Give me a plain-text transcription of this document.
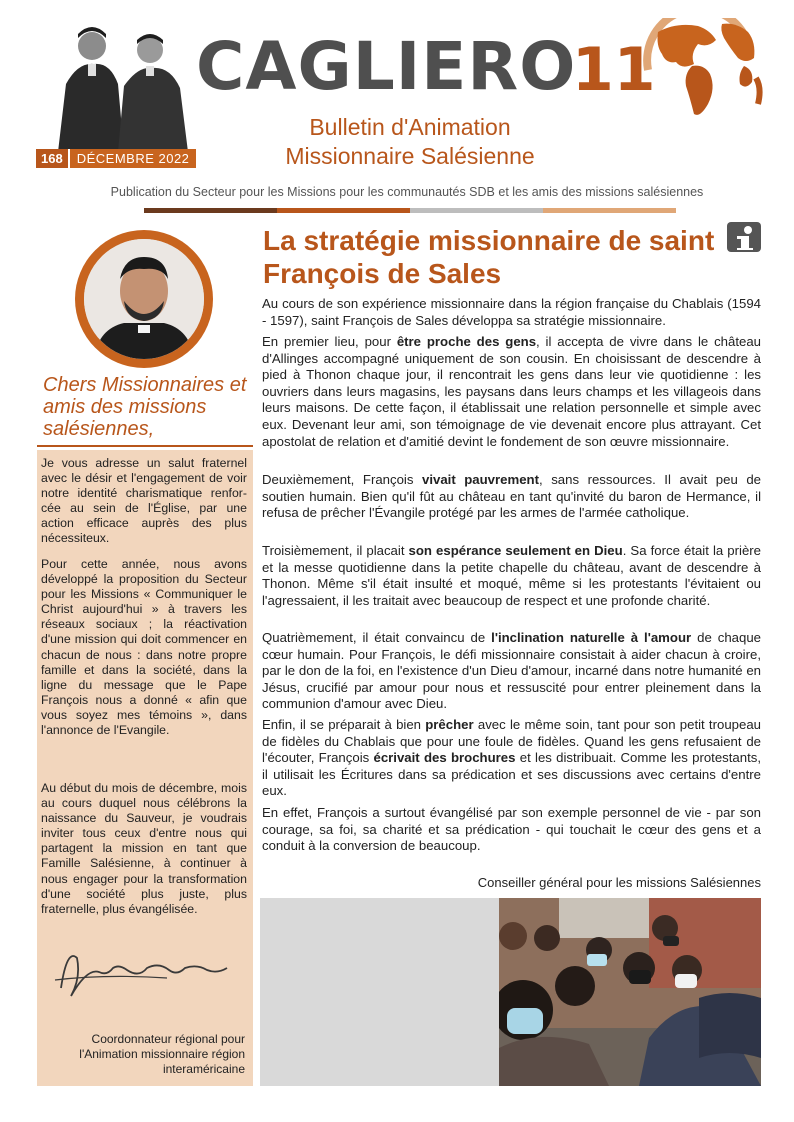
168	DÉCEMBRE 2022
CAGLIERO
11
Bulletin d'Animation
Missionnaire Salésienne
Publication du Secteur pour les Missions pour les communautés SDB et les amis des missions salésiennes
Chers Missionnaires et amis des missions salésiennes,
Je vous adresse un salut fraternel avec le désir et l'engagement de voir notre identité charismatique renfor-cée au sein de l'Église, par une action efficace auprès des plus nécessiteux.
Pour cette année, nous avons développé la proposition du Secteur pour les Missions « Communiquer le Christ aujourd'hui » à travers les réseaux sociaux ; la réactivation d'une mission qui doit commencer en chacun de nous : dans notre propre famille et dans la société, dans la ligne du message que le Pape François nous a donné « afin que vous soyez mes témoins », dans l'annonce de l'Evangile.
Au début du mois de décembre, mois au cours duquel nous célébrons la naissance du Sauveur, je voudrais inviter tous ceux d'entre nous qui partagent la mission en tant que Famille Salésienne, à continuer à nous engager pour la transformation d'une société plus juste, plus fraternelle, plus évangélisée.
Coordonnateur régional pour l'Animation missionnaire région interaméricaine
La stratégie missionnaire de saint François de Sales
Au cours de son expérience missionnaire dans la région française du Chablais (1594 - 1597), saint François de Sales développa sa stratégie missionnaire.
En premier lieu, pour être proche des gens, il accepta de vivre dans le château d'Allinges accompagné uniquement de son cousin. En choisissant de descendre à pied à Thonon chaque jour, il rencontrait les gens dans leur vie quotidienne : les ouvriers dans leurs magasins, les paysans dans leurs champs et les villageois dans leurs maisons. De cette façon, il établissait une relation personnelle et simple avec eux. Devenant leur ami, son témoignage de vie devenait encore plus attrayant. Cet apostolat de relation et d'amitié devint le fondement de son œuvre missionnaire.
Deuxièmement, François vivait pauvrement, sans ressources. Il avait peu de soutien humain. Bien qu'il fût au château en tant qu'invité du baron de Hermance, il refusa de prêcher l'Évangile protégé par les armes de l'armée catholique.
Troisièmement, il placait son espérance seulement en Dieu. Sa force était la prière et la messe quotidienne dans la petite chapelle du château, avant de descendre à Thonon. Même s'il était insulté et moqué, même si les protestants l'évitaient ou l'agressaient, il les traitait avec beaucoup de respect et une profonde charité.
Quatrièmement, il était convaincu de l'inclination naturelle à l'amour de chaque cœur humain. Pour François, le défi missionnaire consistait à aider chacun à croire, par le don de la foi, en l'existence d'un Dieu d'amour, incarné dans notre humanité en Jésus, crucifié par amour pour nous et ressuscité pour entrer pleinement dans la communion d'amour avec Dieu.
Enfin, il se préparait à bien prêcher avec le même soin, tant pour son petit troupeau de fidèles du Chablais que pour une foule de fidèles. Quand les gens refusaient de l'écouter, François écrivait des brochures et les distribuait. Comme les protestants, il utilisait les Écritures dans sa prédication et ses discussions avec certains d'entre eux.
En effet, François a surtout évangélisé par son exemple personnel de vie - par son courage, sa foi, sa charité et sa prédication - qui touchait le cœur des gens et a conduit à la conversion de beaucoup.
Conseiller général pour les missions Salésiennes
